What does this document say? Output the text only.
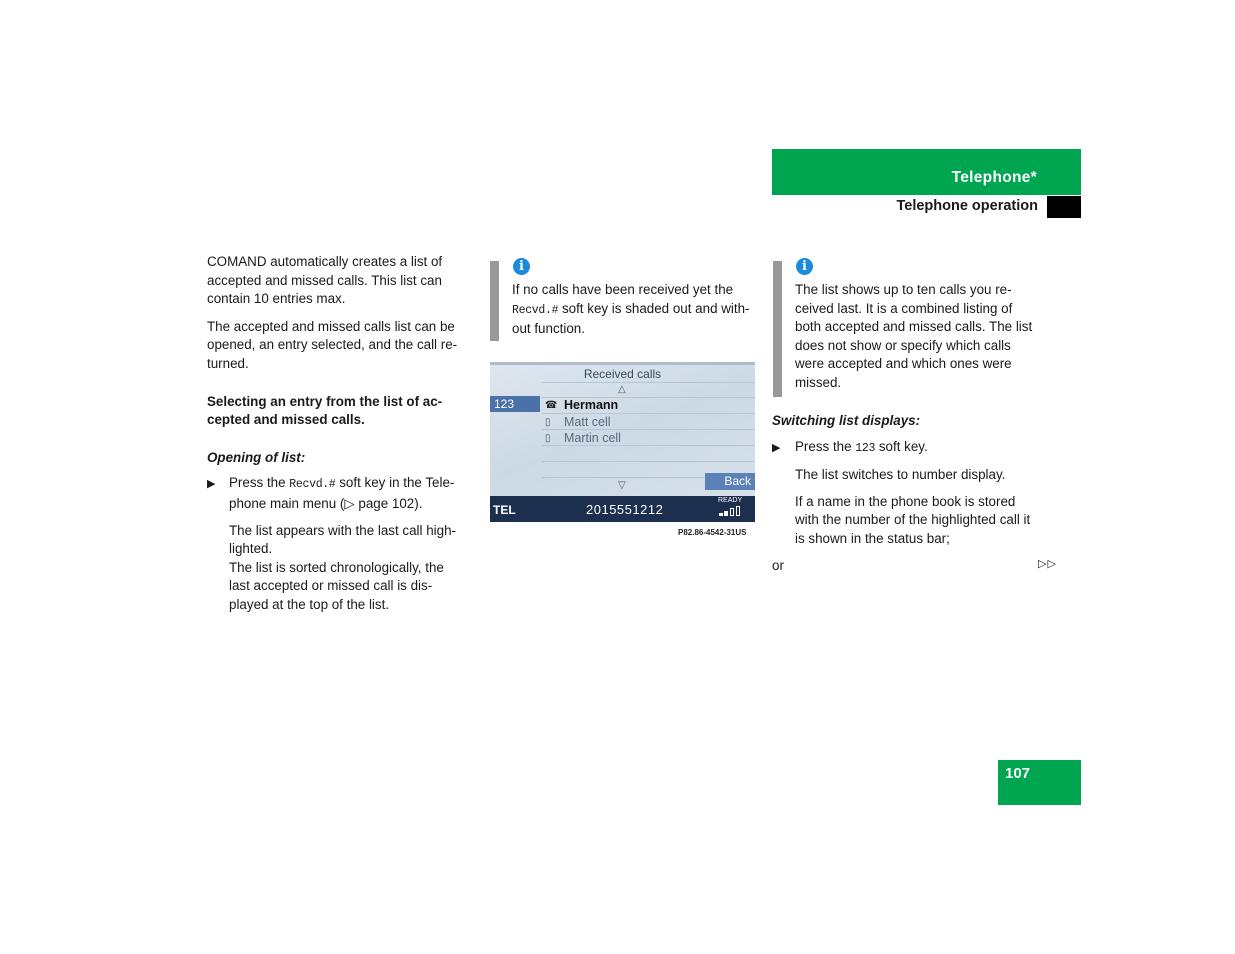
Telephone*
Telephone operation

COMAND automatically creates a list of accepted and missed calls. This list can contain 10 entries max.

The accepted and missed calls list can be opened, an entry selected, and the call re-turned.

Selecting an entry from the list of ac-cepted and missed calls.

Opening of list:

▶ Press the Recvd.# soft key in the Tele-
phone main menu (▷ page 102).

The list appears with the last call high-lighted.

The list is sorted chronologically, the last accepted or missed call is dis-played at the top of the list.

i

If no calls have been received yet the
Recvd.# soft key is shaded out and with-
out function.

Received calls
△
123	☎ Hermann
▯ Matt cell
▯ Martin cell
Back
▽
TEL	2015551212
READY
P82.86-4542-31US
i

The list shows up to ten calls you re-ceived last. It is a combined listing of both accepted and missed calls. The list does not show or specify which calls were accepted and which ones were missed.

Switching list displays:

▶ Press the 123 soft key.

The list switches to number display.

If a name in the phone book is stored with the number of the highlighted call it is shown in the status bar;

or	▷▷
107
